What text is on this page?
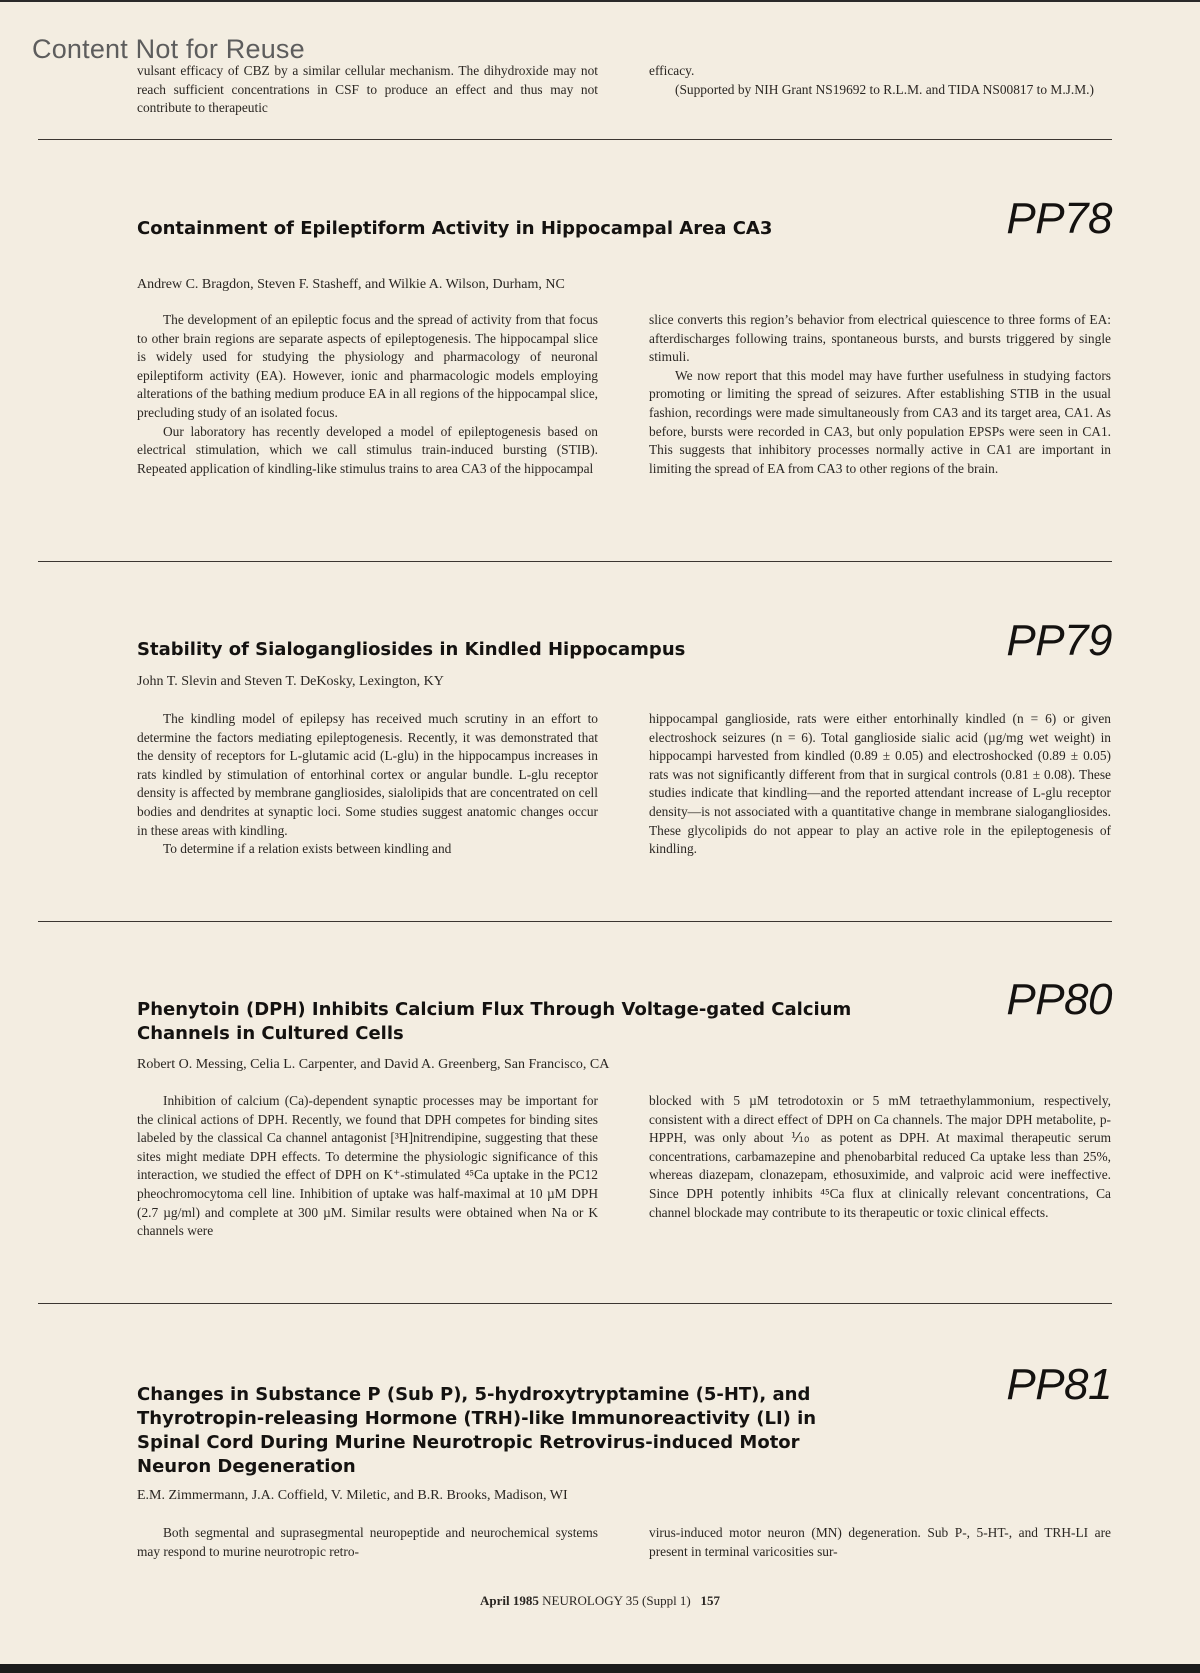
Content Not for Reuse

vulsant efficacy of CBZ by a similar cellular mechanism. The dihydroxide may not reach sufficient concentrations in CSF to produce an effect and thus may not contribute to therapeutic

efficacy.

(Supported by NIH Grant NS19692 to R.L.M. and TIDA NS00817 to M.J.M.)

Containment of Epileptiform Activity in Hippocampal Area CA3	PP78
Andrew C. Bragdon, Steven F. Stasheff, and Wilkie A. Wilson, Durham, NC

The development of an epileptic focus and the spread of activity from that focus to other brain regions are separate aspects of epileptogenesis. The hippocampal slice is widely used for studying the physiology and pharmacology of neuronal epileptiform activity (EA). However, ionic and pharmacologic models employing alterations of the bathing medium produce EA in all regions of the hippocampal slice, precluding study of an isolated focus.

Our laboratory has recently developed a model of epileptogenesis based on electrical stimulation, which we call stimulus train-induced bursting (STIB). Repeated application of kindling-like stimulus trains to area CA3 of the hippocampal

slice converts this region’s behavior from electrical quiescence to three forms of EA: afterdischarges following trains, spontaneous bursts, and bursts triggered by single stimuli.

We now report that this model may have further usefulness in studying factors promoting or limiting the spread of seizures. After establishing STIB in the usual fashion, recordings were made simultaneously from CA3 and its target area, CA1. As before, bursts were recorded in CA3, but only population EPSPs were seen in CA1. This suggests that inhibitory processes normally active in CA1 are important in limiting the spread of EA from CA3 to other regions of the brain.

Stability of Sialogangliosides in Kindled Hippocampus	PP79
John T. Slevin and Steven T. DeKosky, Lexington, KY

The kindling model of epilepsy has received much scrutiny in an effort to determine the factors mediating epileptogenesis. Recently, it was demonstrated that the density of receptors for L-glutamic acid (L-glu) in the hippocampus increases in rats kindled by stimulation of entorhinal cortex or angular bundle. L-glu receptor density is affected by membrane gangliosides, sialolipids that are concentrated on cell bodies and dendrites at synaptic loci. Some studies suggest anatomic changes occur in these areas with kindling.

To determine if a relation exists between kindling and

hippocampal ganglioside, rats were either entorhinally kindled (n = 6) or given electroshock seizures (n = 6). Total ganglioside sialic acid (µg/mg wet weight) in hippocampi harvested from kindled (0.89 ± 0.05) and electroshocked (0.89 ± 0.05) rats was not significantly different from that in surgical controls (0.81 ± 0.08). These studies indicate that kindling—and the reported attendant increase of L-glu receptor density—is not associated with a quantitative change in membrane sialogangliosides. These glycolipids do not appear to play an active role in the epileptogenesis of kindling.

Phenytoin (DPH) Inhibits Calcium Flux Through Voltage-gated Calcium Channels in Cultured Cells
PP80
Robert O. Messing, Celia L. Carpenter, and David A. Greenberg, San Francisco, CA

Inhibition of calcium (Ca)-dependent synaptic processes may be important for the clinical actions of DPH. Recently, we found that DPH competes for binding sites labeled by the classical Ca channel antagonist [³H]nitrendipine, suggesting that these sites might mediate DPH effects. To determine the physiologic significance of this interaction, we studied the effect of DPH on K⁺-stimulated ⁴⁵Ca uptake in the PC12 pheochromocytoma cell line. Inhibition of uptake was half-maximal at 10 µM DPH (2.7 µg/ml) and complete at 300 µM. Similar results were obtained when Na or K channels were

blocked with 5 µM tetrodotoxin or 5 mM tetraethylammonium, respectively, consistent with a direct effect of DPH on Ca channels. The major DPH metabolite, p-HPPH, was only about ⅒ as potent as DPH. At maximal therapeutic serum concentrations, carbamazepine and phenobarbital reduced Ca uptake less than 25%, whereas diazepam, clonazepam, ethosuximide, and valproic acid were ineffective. Since DPH potently inhibits ⁴⁵Ca flux at clinically relevant concentrations, Ca channel blockade may contribute to its therapeutic or toxic clinical effects.

Changes in Substance P (Sub P), 5-hydroxytryptamine (5-HT), and Thyrotropin-releasing Hormone (TRH)-like Immunoreactivity (LI) in Spinal Cord During Murine Neurotropic Retrovirus-induced Motor Neuron Degeneration
PP81
E.M. Zimmermann, J.A. Coffield, V. Miletic, and B.R. Brooks, Madison, WI

Both segmental and suprasegmental neuropeptide and neurochemical systems may respond to murine neurotropic retro-

virus-induced motor neuron (MN) degeneration. Sub P-, 5-HT-, and TRH-LI are present in terminal varicosities sur-

April 1985 NEUROLOGY 35 (Suppl 1) 157
